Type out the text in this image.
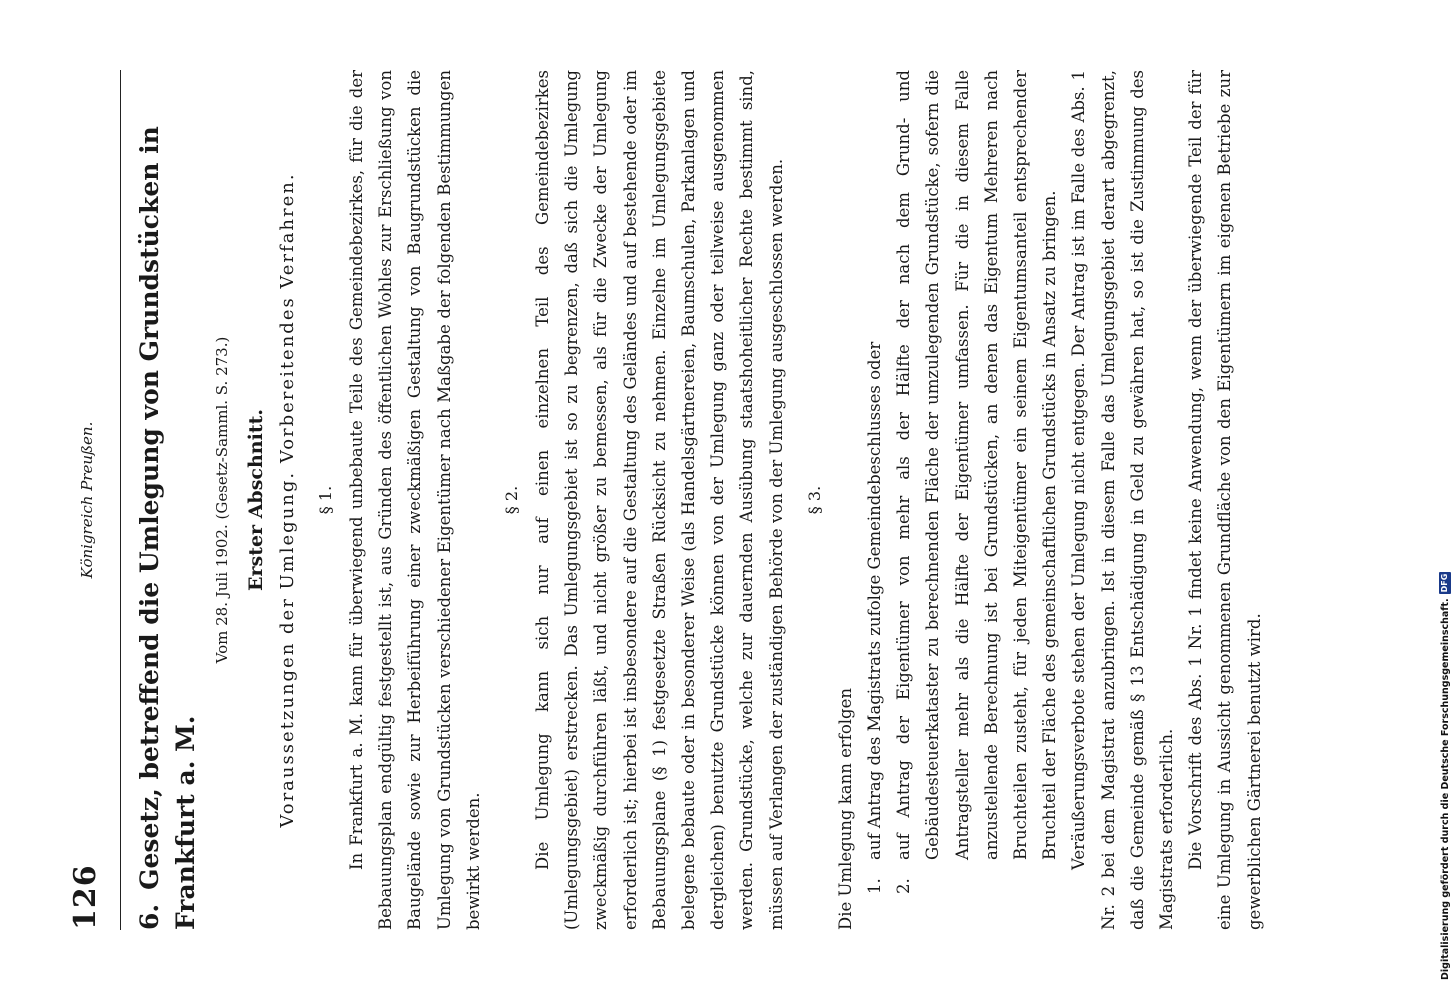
126
Königreich Preußen.

6.Gesetz, betreffend die Umlegung von Grundstücken in Frankfurt a. M.

Vom 28. Juli 1902. (Gesetz-Samml. S. 273.) Erster Abschnitt. Voraussetzungen der Umlegung. Vorbereitendes Verfahren. § 1. In Frankfurt a. M. kann für überwiegend unbebaute Teile des Gemeindebezirkes, für die der Bebauungsplan endgültig festgestellt ist, aus Gründen des öffentlichen Wohles zur Erschließung von Baugelände sowie zur Herbeiführung einer zweckmäßigen Gestaltung von Baugrundstücken die Umlegung von Grundstücken verschiedener Eigentümer nach Maßgabe der folgenden Bestimmungen bewirkt werden.

§ 2. Die Umlegung kann sich nur auf einen einzelnen Teil des Gemeindebezirkes (Umlegungsgebiet) erstrecken. Das Umlegungsgebiet ist so zu begrenzen, daß sich die Umlegung zweckmäßig durchführen läßt, und nicht größer zu bemessen, als für die Zwecke der Umlegung erforderlich ist; hierbei ist insbesondere auf die Gestaltung des Geländes und auf bestehende oder im Bebauungsplane (§ 1) festgesetzte Straßen Rücksicht zu nehmen. Einzelne im Umlegungsgebiete belegene bebaute oder in besonderer Weise (als Handelsgärtnereien, Baumschulen, Parkanlagen und dergleichen) benutzte Grundstücke können von der Umlegung ganz oder teilweise ausgenommen werden. Grundstücke, welche zur dauernden Ausübung staatshoheitlicher Rechte bestimmt sind, müssen auf Verlangen der zuständigen Behörde von der Umlegung ausgeschlossen werden.	§ 3.

Die Umlegung kann erfolgen 1.auf Antrag des Magistrats zufolge Gemeindebeschlusses oder

2.auf Antrag der Eigentümer von mehr als der Hälfte der nach dem Grund- und Gebäudesteuerkataster zu berechnenden Fläche der umzulegenden Grundstücke, sofern die Antragsteller mehr als die Hälfte der Eigentümer umfassen. Für die in diesem Falle anzustellende Berechnung ist bei Grundstücken, an denen das Eigentum Mehreren nach Bruchteilen zusteht, für jeden Miteigentümer ein seinem Eigentumsanteil entsprechender Bruchteil der Fläche des gemeinschaftlichen Grundstücks in Ansatz zu bringen. Veräußerungsverbote stehen der Umlegung nicht entgegen. Der Antrag ist im Falle des Abs. 1 Nr. 2 bei dem Magistrat anzubringen. Ist in diesem Falle das Umlegungsgebiet derart abgegrenzt, daß die Gemeinde gemäß § 13 Entschädigung in Geld zu gewähren hat, so ist die Zustimmung des Magistrats erforderlich. Die Vorschrift des Abs. 1 Nr. 1 findet keine Anwendung, wenn der überwiegende Teil der für eine Umlegung in Aussicht genommenen Grundfläche von den Eigentümern im eigenen Betriebe zur gewerblichen Gärtnerei benutzt wird.	Digitalisierung gefördert durch die Deutsche Forschungsgemeinschaft.
DFG
